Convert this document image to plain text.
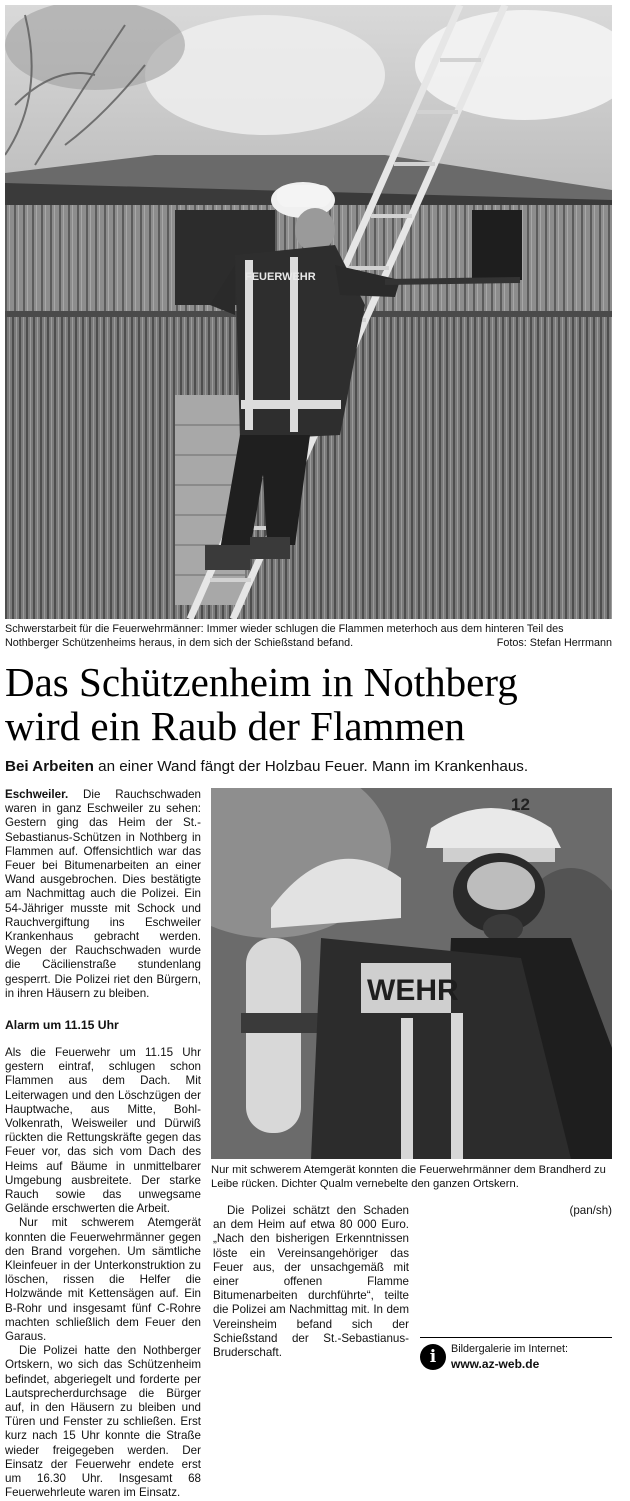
FEUERWEHR
Schwerstarbeit für die Feuerwehrmänner: Immer wieder schlugen die Flammen meterhoch aus dem hinteren Teil des Nothberger Schützenheims heraus, in dem sich der Schießstand befand.	Fotos: Stefan Herrmann
Das Schützenheim in Nothberg
wird ein Raub der Flammen
Bei Arbeiten an einer Wand fängt der Holzbau Feuer. Mann im Krankenhaus.

Eschweiler. Die Rauchschwaden waren in ganz Eschweiler zu sehen: Gestern ging das Heim der St.-Sebastianus-Schützen in Nothberg in Flammen auf. Offensichtlich war das Feuer bei Bitumenarbeiten an einer Wand ausgebrochen. Dies bestätigte am Nachmittag auch die Polizei. Ein 54-Jähriger musste mit Schock und Rauchvergiftung ins Eschweiler Krankenhaus gebracht werden. Wegen der Rauchschwaden wurde die Cäcilienstraße stundenlang gesperrt. Die Polizei riet den Bürgern, in ihren Häusern zu bleiben.

Alarm um 11.15 Uhr

Als die Feuerwehr um 11.15 Uhr gestern eintraf, schlugen schon Flammen aus dem Dach. Mit Leiterwagen und den Löschzügen der Hauptwache, aus Mitte, Bohl-Volkenrath, Weisweiler und Dürwiß rückten die Rettungskräfte gegen das Feuer vor, das sich vom Dach des Heims auf Bäume in unmittelbarer Umgebung ausbreitete. Der starke Rauch sowie das unwegsame Gelände erschwerten die Arbeit.

Nur mit schwerem Atemgerät konnten die Feuerwehrmänner gegen den Brand vorgehen. Um sämtliche Kleinfeuer in der Unterkonstruktion zu löschen, rissen die Helfer die Holzwände mit Kettensägen auf. Ein B-Rohr und insgesamt fünf C-Rohre machten schließlich dem Feuer den Garaus.

Die Polizei hatte den Nothberger Ortskern, wo sich das Schützenheim befindet, abgeriegelt und forderte per Lautsprecherdurchsage die Bürger auf, in den Häusern zu bleiben und Türen und Fenster zu schließen. Erst kurz nach 15 Uhr konnte die Straße wieder freigegeben werden. Der Einsatz der Feuerwehr endete erst um 16.30 Uhr. Insgesamt 68 Feuerwehrleute waren im Einsatz.

12
WEHR
Nur mit schwerem Atemgerät konnten die Feuerwehrmänner dem Brandherd zu Leibe rücken. Dichter Qualm vernebelte den ganzen Ortskern.

Die Polizei schätzt den Schaden an dem Heim auf etwa 80 000 Euro. „Nach den bisherigen Erkenntnissen löste ein Vereinsangehöriger das Feuer aus, der unsachgemäß mit einer offenen Flamme Bitumenarbeiten durchführte“, teilte die Polizei am Nachmittag mit. In dem Vereinsheim befand sich der Schießstand der St.-Sebastianus-Bruderschaft.

(pan/sh)

i	Bildergalerie im Internet:
www.az-web.de
